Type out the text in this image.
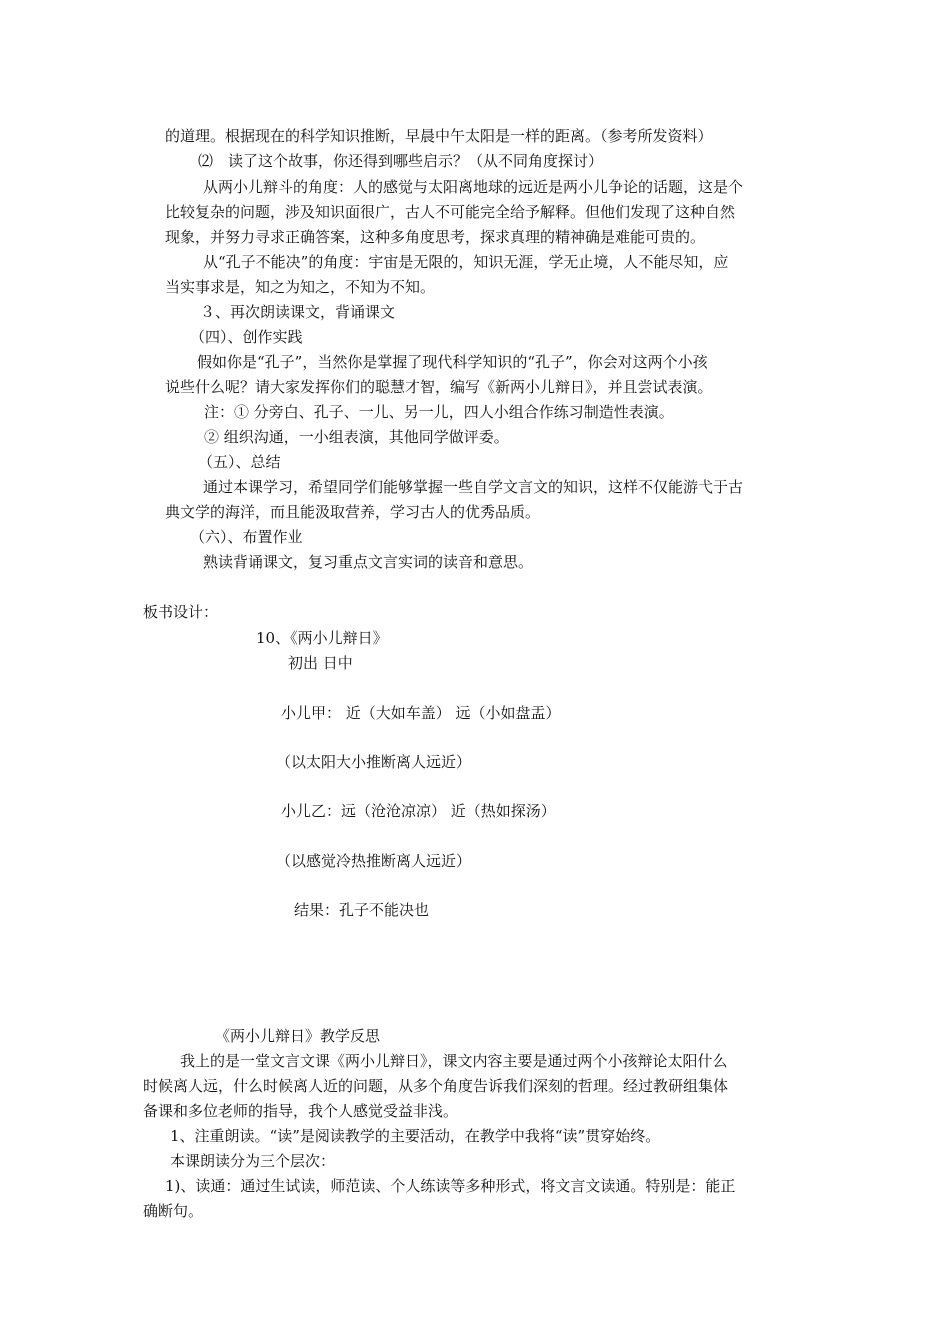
的道理。根据现在的科学知识推断，早晨中午太阳是一样的距离。（参考所发资料）
⑵　读了这个故事，你还得到哪些启示？（从不同角度探讨）
从两小儿辩斗的角度：人的感觉与太阳离地球的远近是两小儿争论的话题，这是个
比较复杂的问题，涉及知识面很广，古人不可能完全给予解释。但他们发现了这种自然
现象，并努力寻求正确答案，这种多角度思考，探求真理的精神确是难能可贵的。
从“孔子不能决”的角度：宇宙是无限的，知识无涯，学无止境，人不能尽知，应
当实事求是，知之为知之，不知为不知。
３、再次朗读课文，背诵课文
（四）、创作实践
假如你是“孔子”，当然你是掌握了现代科学知识的“孔子”，你会对这两个小孩
说些什么呢？请大家发挥你们的聪慧才智，编写《新两小儿辩日》，并且尝试表演。
注：① 分旁白、孔子、一儿、另一儿，四人小组合作练习制造性表演。
② 组织沟通，一小组表演，其他同学做评委。
（五）、总结
通过本课学习，希望同学们能够掌握一些自学文言文的知识，这样不仅能游弋于古
典文学的海洋，而且能汲取营养，学习古人的优秀品质。
（六）、布置作业
熟读背诵课文，复习重点文言实词的读音和意思。
板书设计：
10、《两小儿辩日》
初出 日中
小儿甲： 近（大如车盖） 远（小如盘盂）
（以太阳大小推断离人远近）
小儿乙：远（沧沧凉凉） 近（热如探汤）
（以感觉冷热推断离人远近）
结果：孔子不能决也
《两小儿辩日》教学反思
我上的是一堂文言文课《两小儿辩日》，课文内容主要是通过两个小孩辩论太阳什么
时候离人远，什么时候离人近的问题，从多个角度告诉我们深刻的哲理。经过教研组集体
备课和多位老师的指导，我个人感觉受益非浅。
1、注重朗读。“读”是阅读教学的主要活动，在教学中我将“读”贯穿始终。
本课朗读分为三个层次：
1)、读通：通过生试读，师范读、个人练读等多种形式，将文言文读通。特别是：能正
确断句。
